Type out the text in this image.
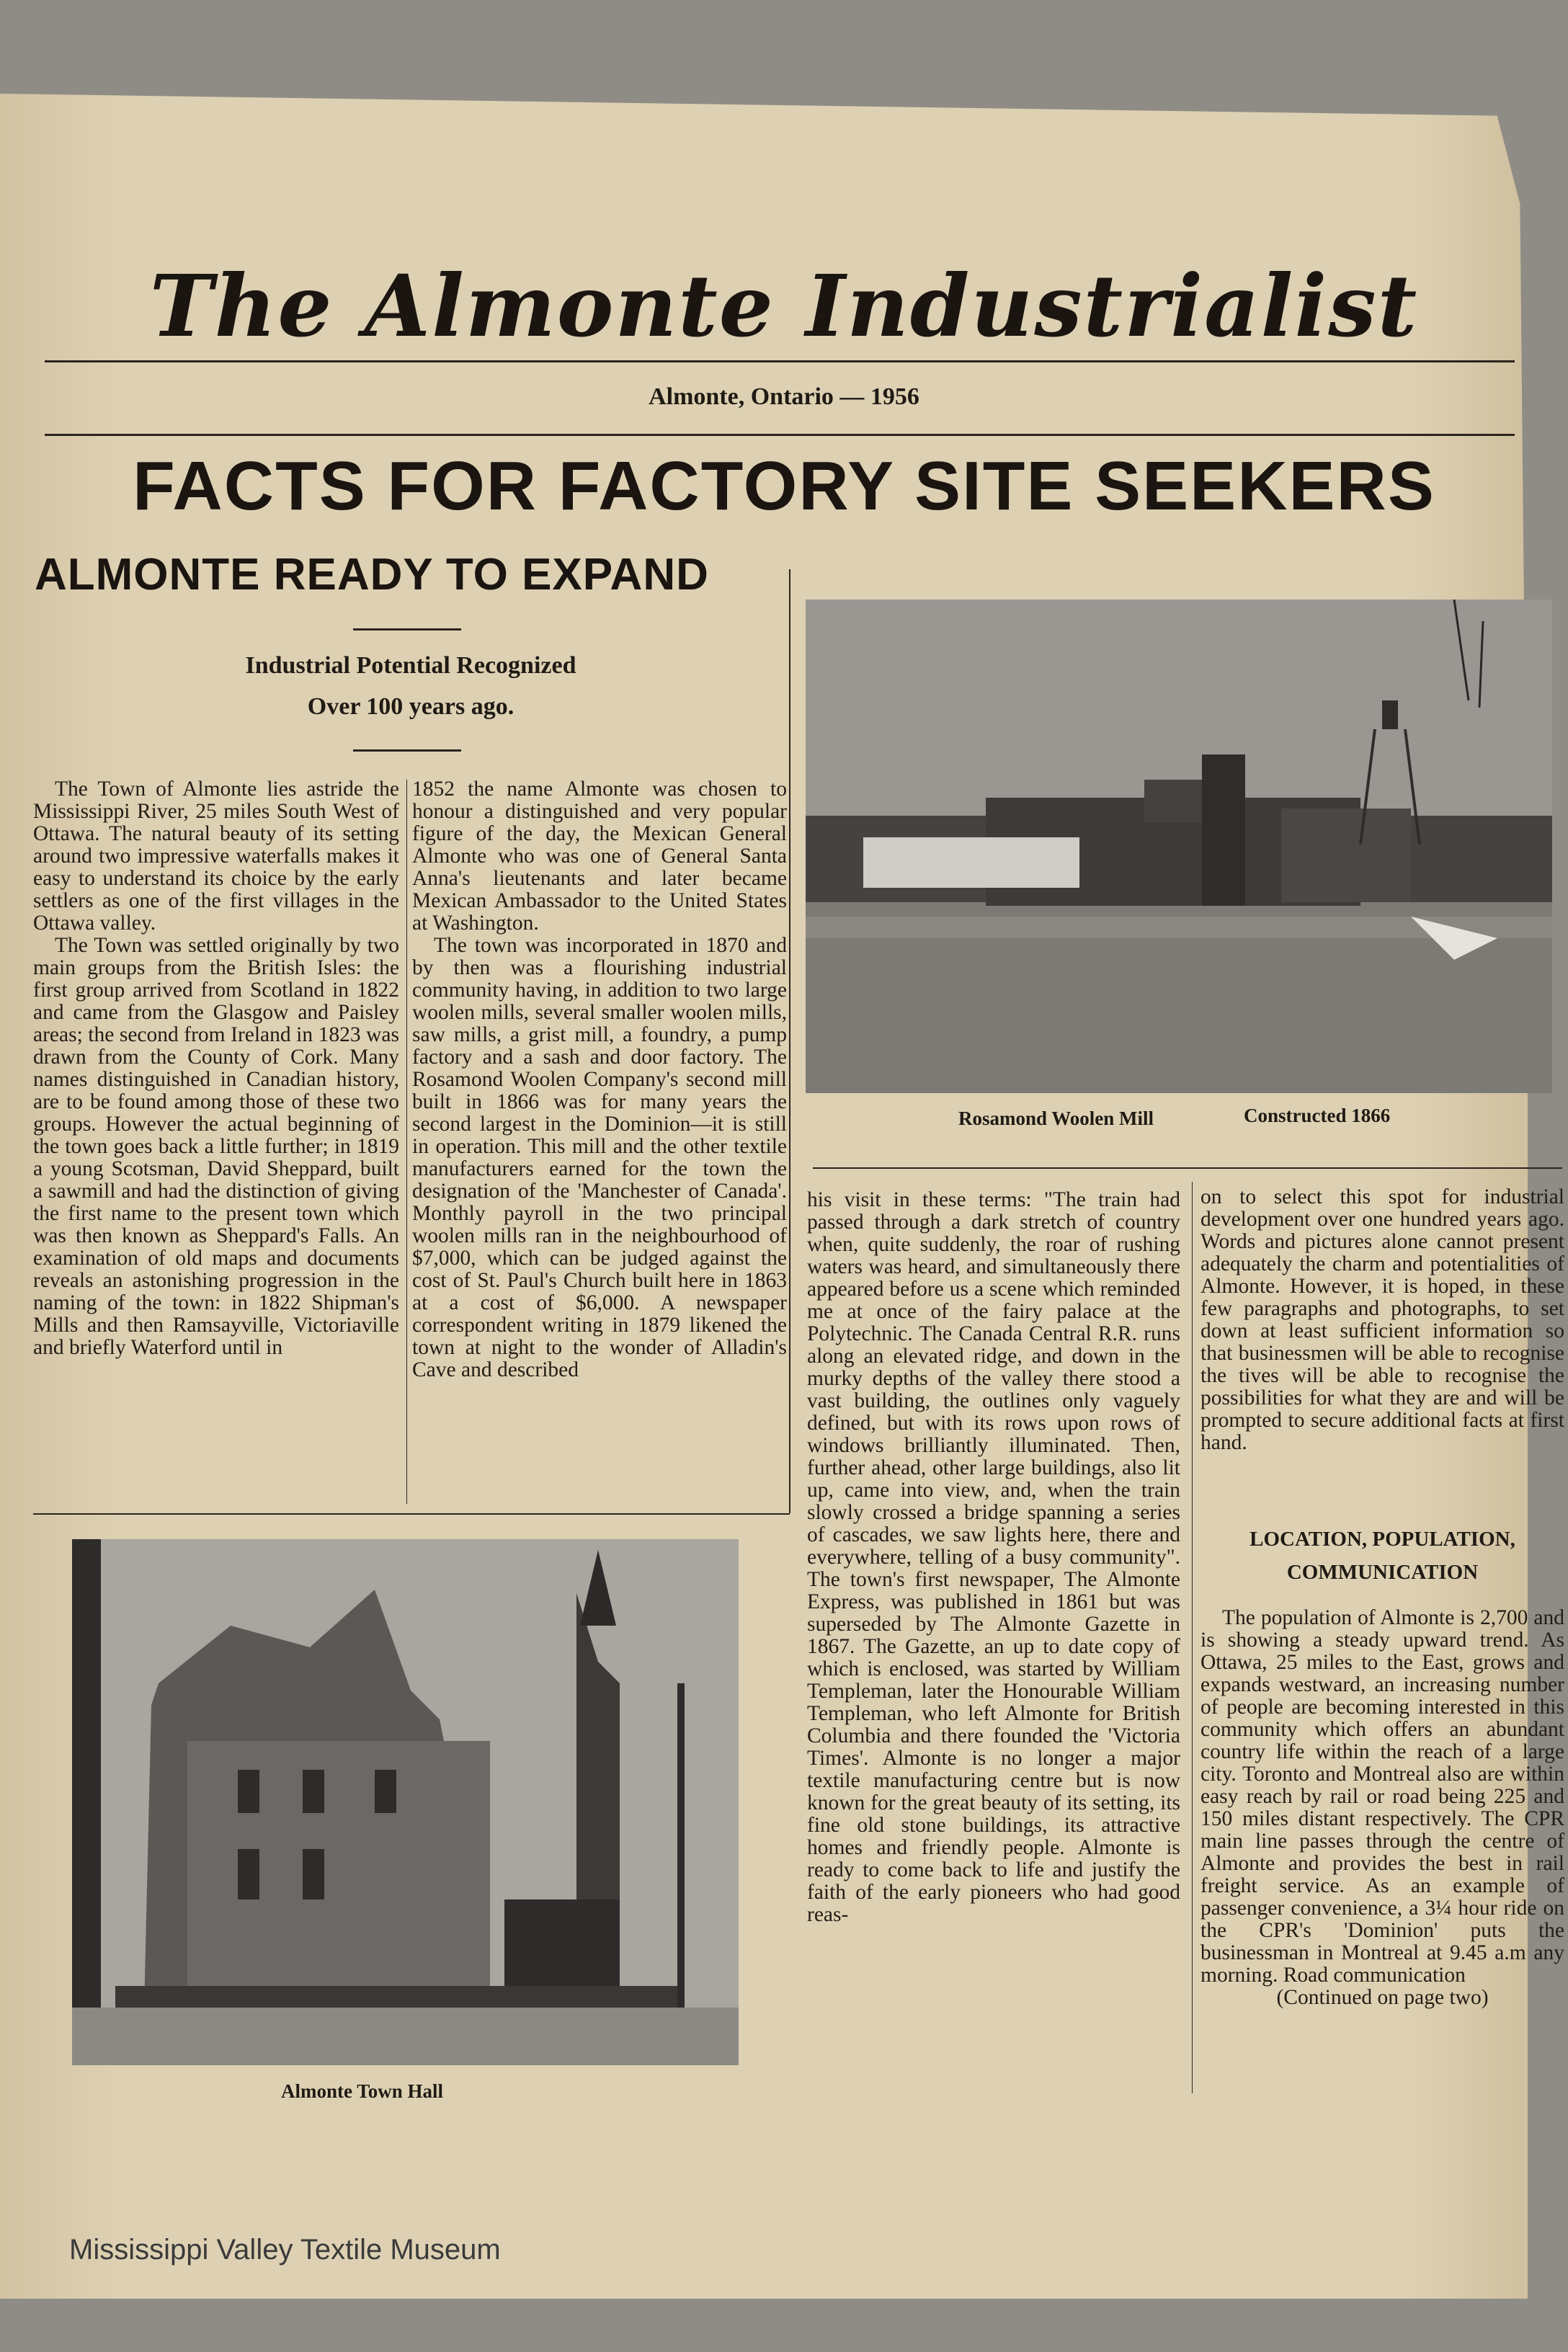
The Almonte Industrialist
Almonte, Ontario — 1956
FACTS FOR FACTORY SITE SEEKERS
ALMONTE READY TO EXPAND
Industrial Potential Recognized
Over 100 years ago.

The Town of Almonte lies astride the Mississippi River, 25 miles South West of Ottawa. The natural beauty of its setting around two impressive waterfalls makes it easy to understand its choice by the early settlers as one of the first villages in the Ottawa valley.

The Town was settled originally by two main groups from the British Isles: the first group arrived from Scotland in 1822 and came from the Glasgow and Paisley areas; the second from Ireland in 1823 was drawn from the County of Cork. Many names distinguished in Canadian history, are to be found among those of these two groups. However the actual beginning of the town goes back a little further; in 1819 a young Scotsman, David Sheppard, built a sawmill and had the distinction of giving the first name to the present town which was then known as Sheppard's Falls. An examination of old maps and documents reveals an astonishing progression in the naming of the town: in 1822 Shipman's Mills and then Ramsayville, Victoriaville and briefly Waterford until in

1852 the name Almonte was chosen to honour a distinguished and very popular figure of the day, the Mexican General Almonte who was one of General Santa Anna's lieutenants and later became Mexican Ambassador to the United States at Washington.

The town was incorporated in 1870 and by then was a flourishing industrial community having, in addition to two large woolen mills, several smaller woolen mills, saw mills, a grist mill, a foundry, a pump factory and a sash and door factory. The Rosamond Woolen Company's second mill built in 1866 was for many years the second largest in the Dominion—it is still in operation. This mill and the other textile manufacturers earned for the town the designation of the 'Manchester of Canada'. Monthly payroll in the two principal woolen mills ran in the neighbourhood of $7,000, which can be judged against the cost of St. Paul's Church built here in 1863 at a cost of $6,000. A newspaper correspondent writing in 1879 likened the town at night to the wonder of Alladin's Cave and described

Rosamond Woolen Mill	Constructed 1866

his visit in these terms: "The train had passed through a dark stretch of country when, quite suddenly, the roar of rushing waters was heard, and simultaneously there appeared before us a scene which reminded me at once of the fairy palace at the Polytechnic. The Canada Central R.R. runs along an elevated ridge, and down in the murky depths of the valley there stood a vast building, the outlines only vaguely defined, but with its rows upon rows of windows brilliantly illuminated. Then, further ahead, other large buildings, also lit up, came into view, and, when the train slowly crossed a bridge spanning a series of cascades, we saw lights here, there and everywhere, telling of a busy community". The town's first newspaper, The Almonte Express, was published in 1861 but was superseded by The Almonte Gazette in 1867. The Gazette, an up to date copy of which is enclosed, was started by William Templeman, later the Honourable William Templeman, who left Almonte for British Columbia and there founded the 'Victoria Times'. Almonte is no longer a major textile manufacturing centre but is now known for the great beauty of its setting, its fine old stone buildings, its attractive homes and friendly people. Almonte is ready to come back to life and justify the faith of the early pioneers who had good reas-

on to select this spot for industrial development over one hundred years ago. Words and pictures alone cannot present adequately the charm and potentialities of Almonte. However, it is hoped, in these few paragraphs and photographs, to set down at least sufficient information so that businessmen will be able to recognise the tives will be able to recognise the possibilities for what they are and will be prompted to secure additional facts at first hand.

LOCATION, POPULATION,
COMMUNICATION

The population of Almonte is 2,700 and is showing a steady upward trend. As Ottawa, 25 miles to the East, grows and expands westward, an increasing number of people are becoming interested in this community which offers an abundant country life within the reach of a large city. Toronto and Montreal also are within easy reach by rail or road being 225 and 150 miles distant respectively. The CPR main line passes through the centre of Almonte and provides the best in rail freight service. As an example of passenger convenience, a 3¼ hour ride on the CPR's 'Dominion' puts the businessman in Montreal at 9.45 a.m any morning. Road communication

(Continued on page two)

Almonte Town Hall
Mississippi Valley Textile Museum
